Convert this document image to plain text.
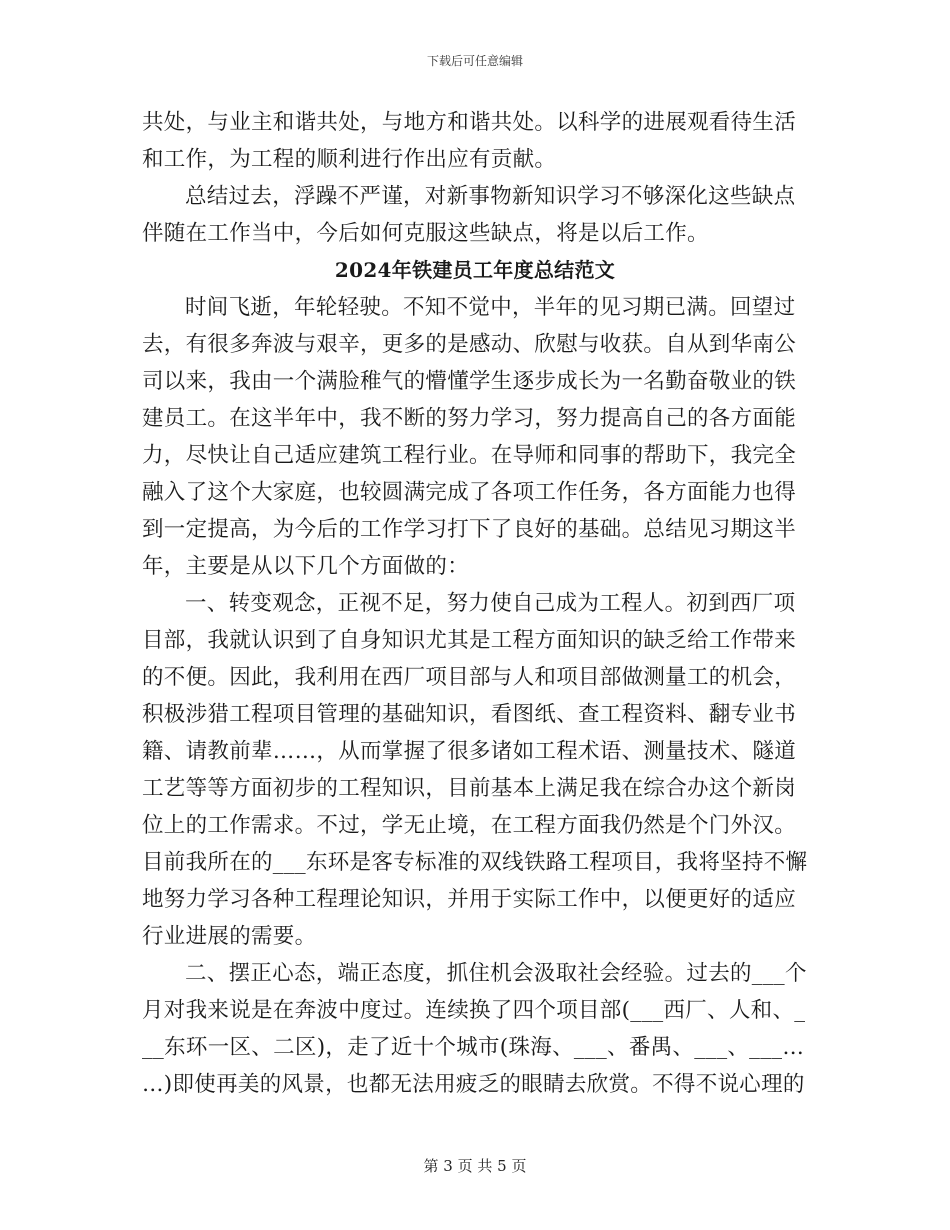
下载后可任意编辑
共处，与业主和谐共处，与地方和谐共处。以科学的进展观看待生活
和工作，为工程的顺利进行作出应有贡献。
总结过去，浮躁不严谨，对新事物新知识学习不够深化这些缺点
伴随在工作当中，今后如何克服这些缺点，将是以后工作。
2024年铁建员工年度总结范文
时间飞逝，年轮轻驶。不知不觉中，半年的见习期已满。回望过
去，有很多奔波与艰辛，更多的是感动、欣慰与收获。自从到华南公
司以来，我由一个满脸稚气的懵懂学生逐步成长为一名勤奋敬业的铁
建员工。在这半年中，我不断的努力学习，努力提高自己的各方面能
力，尽快让自己适应建筑工程行业。在导师和同事的帮助下，我完全
融入了这个大家庭，也较圆满完成了各项工作任务，各方面能力也得
到一定提高，为今后的工作学习打下了良好的基础。总结见习期这半
年，主要是从以下几个方面做的：
一、转变观念，正视不足，努力使自己成为工程人。初到西厂项
目部，我就认识到了自身知识尤其是工程方面知识的缺乏给工作带来
的不便。因此，我利用在西厂项目部与人和项目部做测量工的机会，
积极涉猎工程项目管理的基础知识，看图纸、查工程资料、翻专业书
籍、请教前辈……，从而掌握了很多诸如工程术语、测量技术、隧道
工艺等等方面初步的工程知识，目前基本上满足我在综合办这个新岗
位上的工作需求。不过，学无止境，在工程方面我仍然是个门外汉。
目前我所在的___东环是客专标准的双线铁路工程项目，我将坚持不懈
地努力学习各种工程理论知识，并用于实际工作中，以便更好的适应
行业进展的需要。
二、摆正心态，端正态度，抓住机会汲取社会经验。过去的___个
月对我来说是在奔波中度过。连续换了四个项目部(___西厂、人和、_
__东环一区、二区)，走了近十个城市(珠海、___、番禺、___、___…
…)即使再美的风景，也都无法用疲乏的眼睛去欣赏。不得不说心理的
第 3 页 共 5 页
